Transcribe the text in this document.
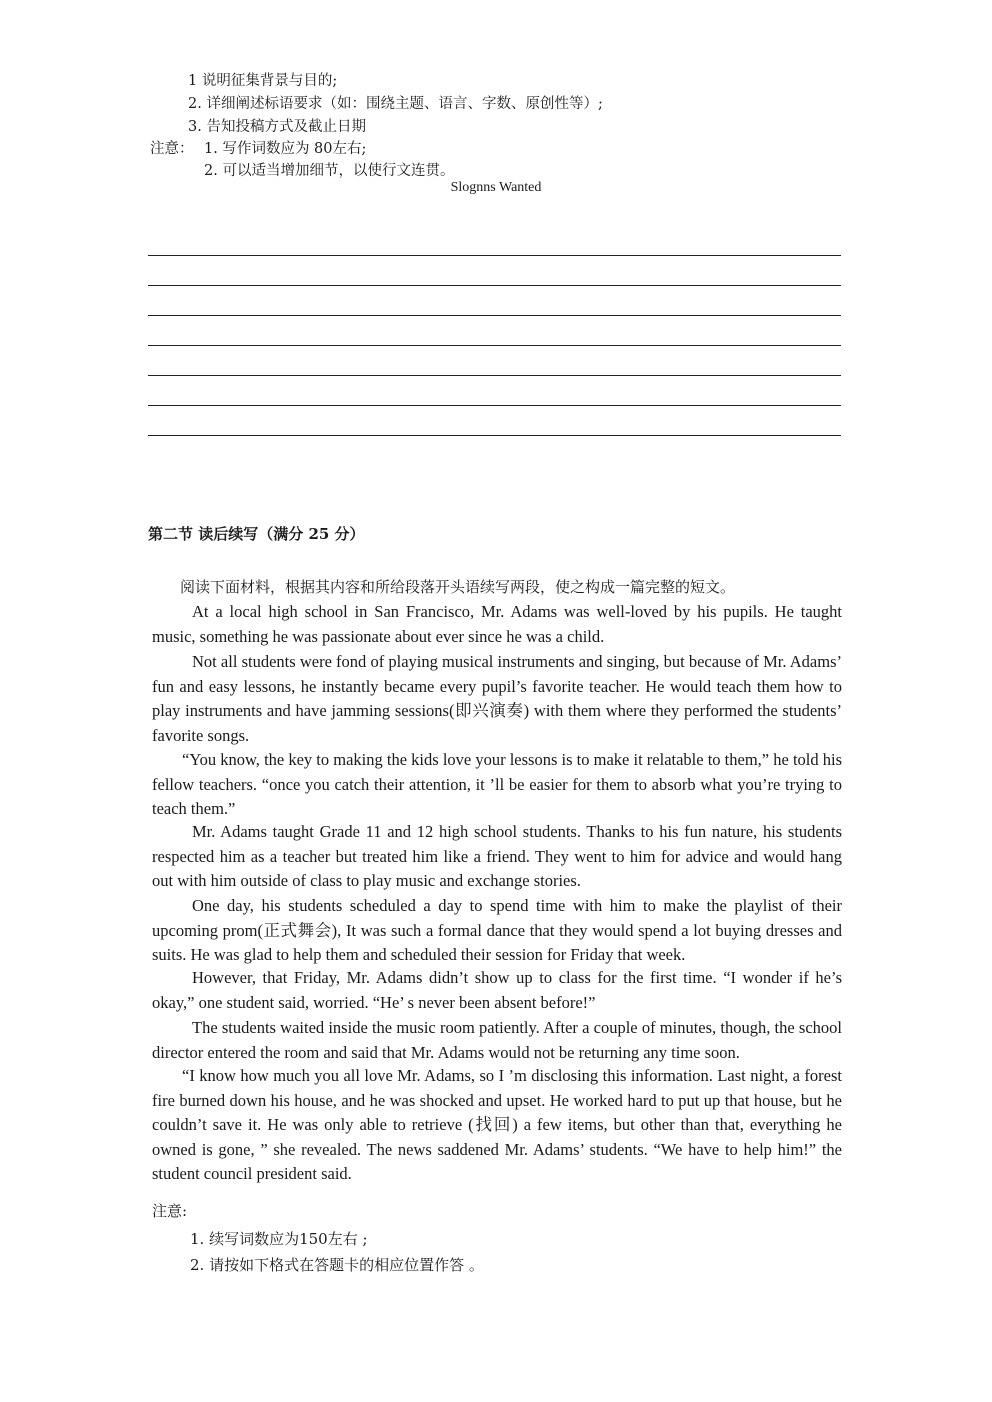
1 说明征集背景与目的;
2. 详细阐述标语要求（如：围绕主题、语言、字数、原创性等）;
3. 告知投稿方式及截止日期
注意： 1. 写作词数应为 80左右;
2. 可以适当增加细节，以使行文连贯。
Slognns Wanted
第二节 读后续写（满分 25 分）
阅读下面材料，根据其内容和所给段落开头语续写两段，使之构成一篇完整的短文。

At a local high school in San Francisco, Mr. Adams was well-loved by his pupils. He taught music, something he was passionate about ever since he was a child.

Not all students were fond of playing musical instruments and singing, but because of Mr. Adams’ fun and easy lessons, he instantly became every pupil’s favorite teacher. He would teach them how to play instruments and have jamming sessions(即兴演奏) with them where they performed the students’ favorite songs.

“You know, the key to making the kids love your lessons is to make it relatable to them,” he told his fellow teachers. “once you catch their attention, it ’ll be easier for them to absorb what you’re trying to teach them.”

Mr. Adams taught Grade 11 and 12 high school students. Thanks to his fun nature, his students respected him as a teacher but treated him like a friend. They went to him for advice and would hang out with him outside of class to play music and exchange stories.

One day, his students scheduled a day to spend time with him to make the playlist of their upcoming prom(正式舞会), It was such a formal dance that they would spend a lot buying dresses and suits. He was glad to help them and scheduled their session for Friday that week.

However, that Friday, Mr. Adams didn’t show up to class for the first time. “I wonder if he’s okay,” one student said, worried. “He’ s never been absent before!”

The students waited inside the music room patiently. After a couple of minutes, though, the school director entered the room and said that Mr. Adams would not be returning any time soon.

“I know how much you all love Mr. Adams, so I ’m disclosing this information. Last night, a forest fire burned down his house, and he was shocked and upset. He worked hard to put up that house, but he couldn’t save it. He was only able to retrieve (找回) a few items, but other than that, everything he owned is gone, ” she revealed. The news saddened Mr. Adams’ students. “We have to help him!” the student council president said.

注意:
1. 续写词数应为150左右 ;
2. 请按如下格式在答题卡的相应位置作答 。
